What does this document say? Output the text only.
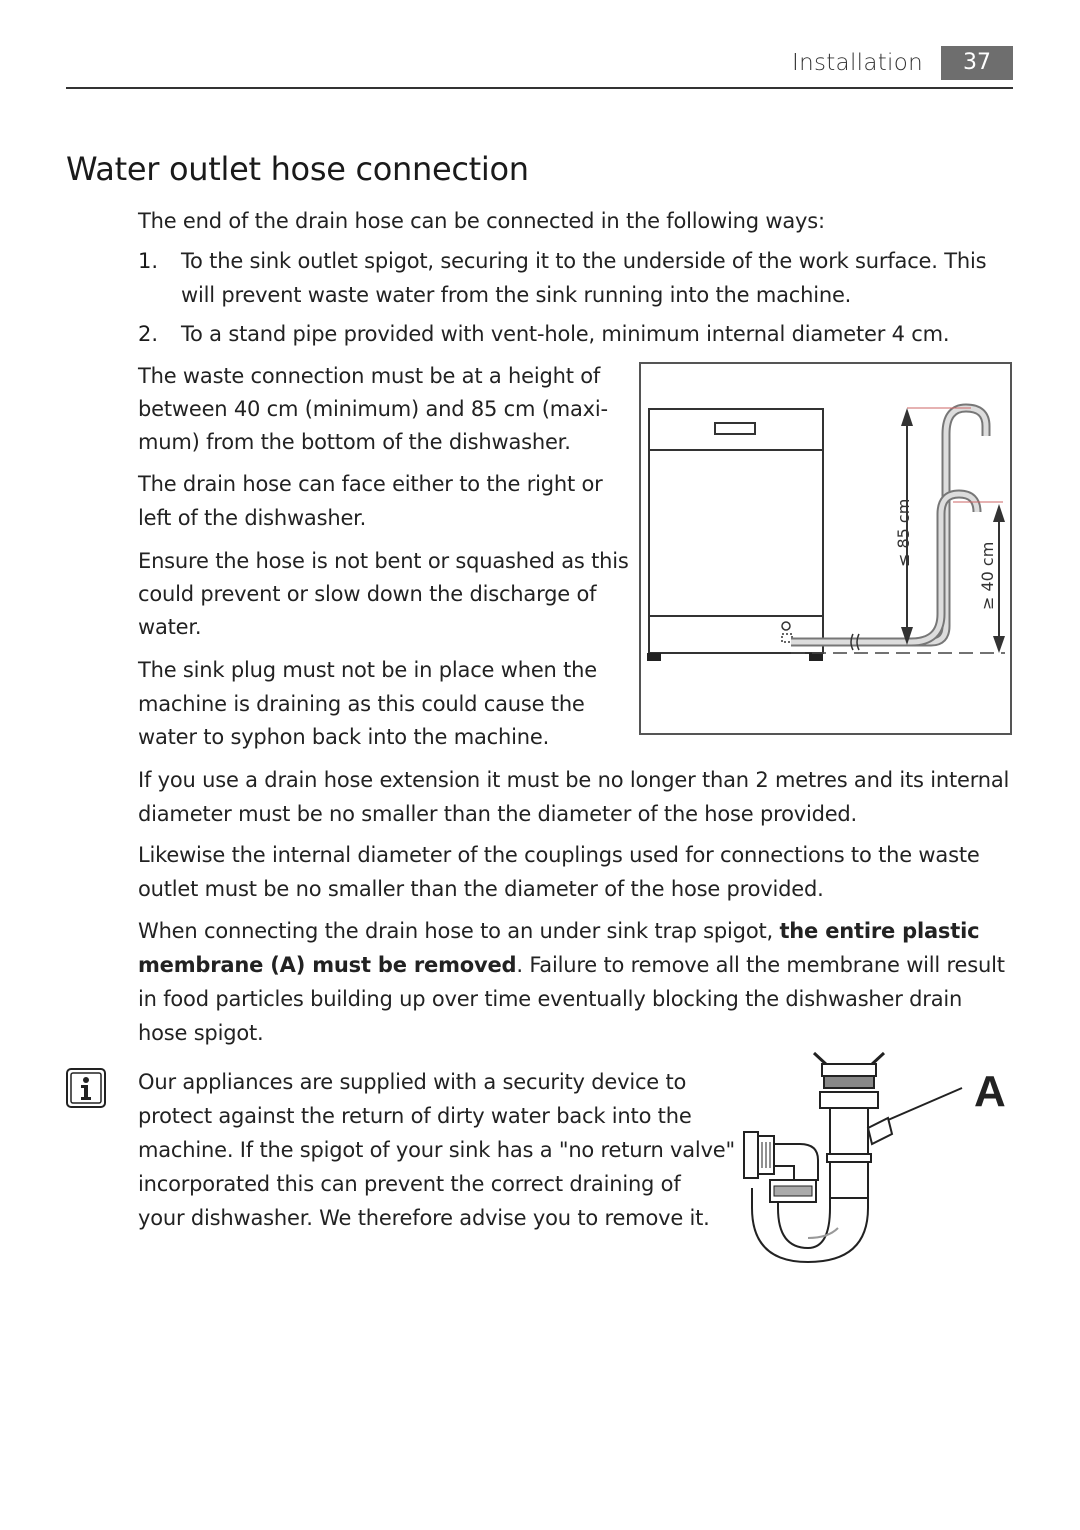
Installation	37
Water outlet hose connection

The end of the drain hose can be connected in the following ways:

1. To the sink outlet spigot, securing it to the underside of the work surface. This

will prevent waste water from the sink running into the machine.

2. To a stand pipe provided with vent-hole, minimum internal diameter 4 cm.

The waste connection must be at a height of

between 40 cm (minimum) and 85 cm (maxi-

mum) from the bottom of the dishwasher.

The drain hose can face either to the right or

left of the dishwasher.

Ensure the hose is not bent or squashed as this

could prevent or slow down the discharge of

water.

The sink plug must not be in place when the

machine is draining as this could cause the

water to syphon back into the machine.

≤ 85 cm
≥ 40 cm

If you use a drain hose extension it must be no longer than 2 metres and its internal

diameter must be no smaller than the diameter of the hose provided.

Likewise the internal diameter of the couplings used for connections to the waste

outlet must be no smaller than the diameter of the hose provided.

When connecting the drain hose to an under sink trap spigot, the entire plastic

membrane (A) must be removed. Failure to remove all the membrane will result

in food particles building up over time eventually blocking the dishwasher drain

hose spigot.

Our appliances are supplied with a security device to

protect against the return of dirty water back into the

machine. If the spigot of your sink has a "no return valve"

incorporated this can prevent the correct draining of

your dishwasher. We therefore advise you to remove it.

A
